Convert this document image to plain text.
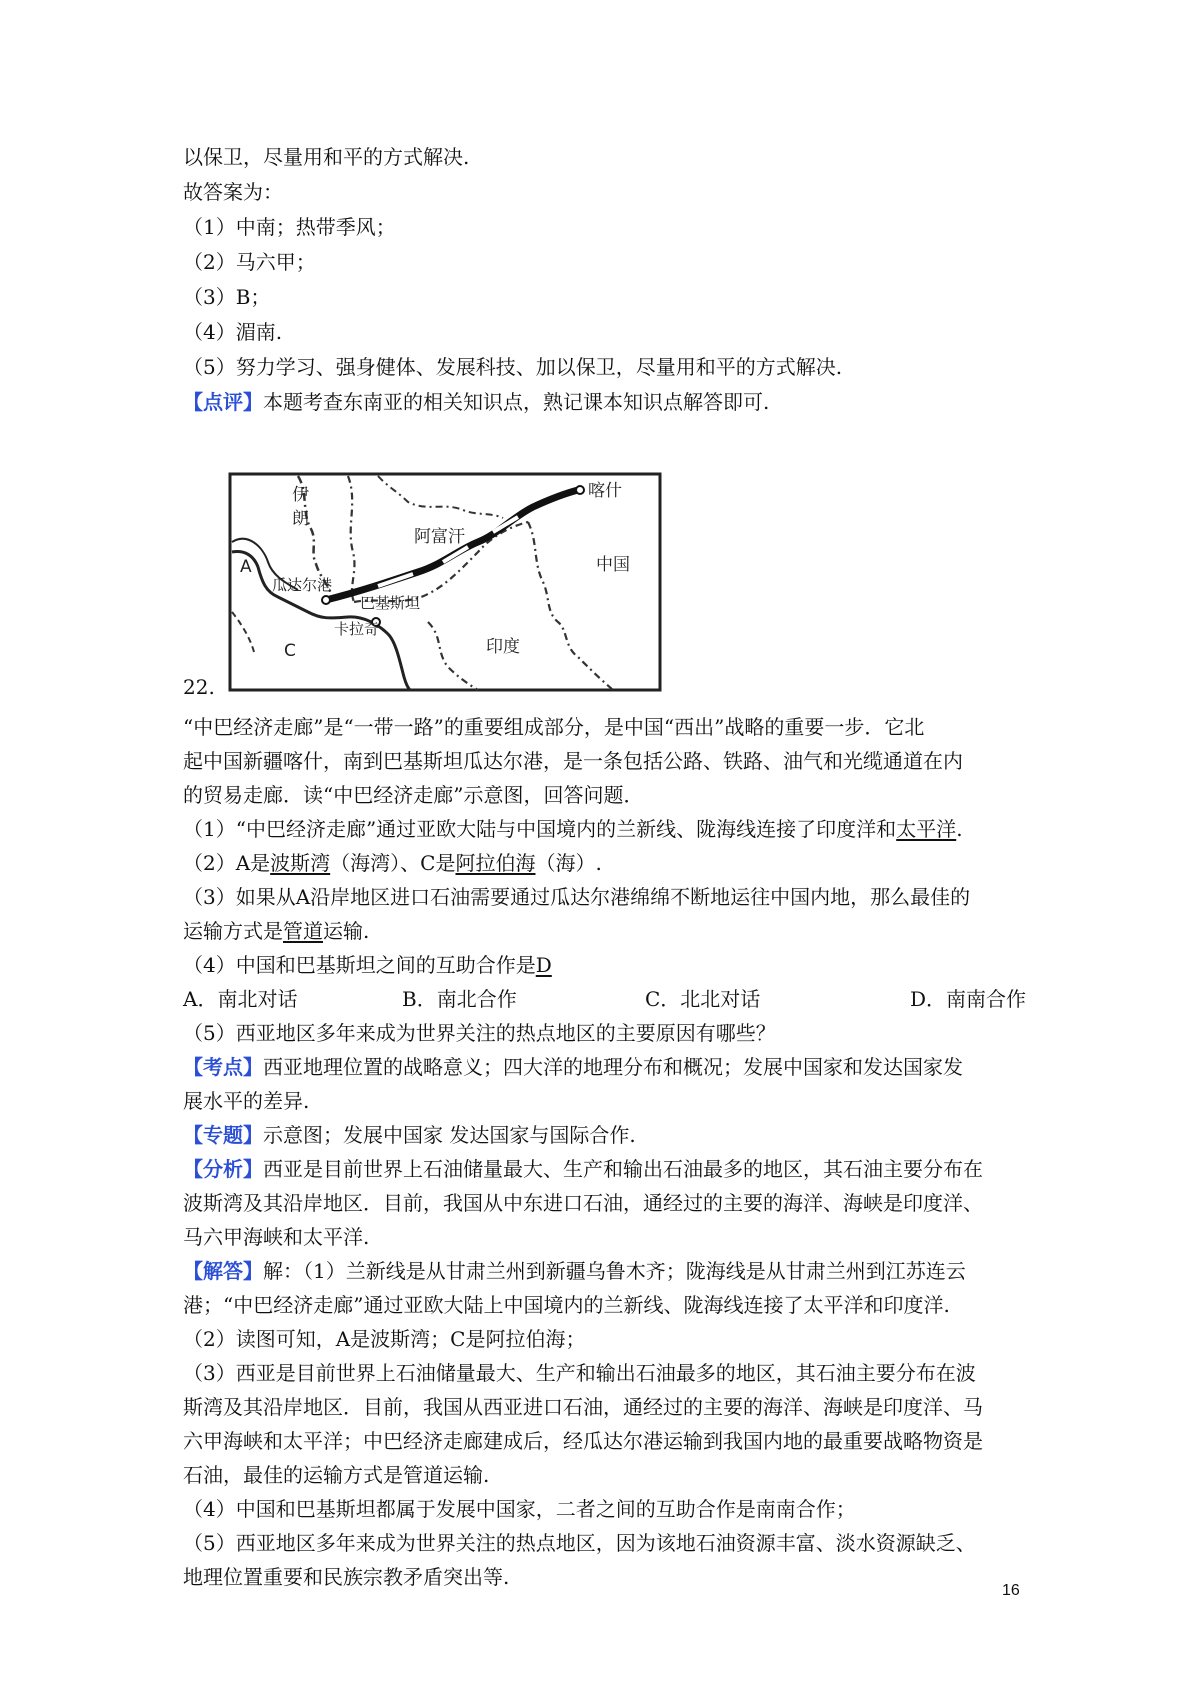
以保卫，尽量用和平的方式解决.
故答案为：
（1）中南；热带季风；
（2）马六甲；
（3）B；
（4）湄南.
（5）努力学习、强身健体、发展科技、加以保卫，尽量用和平的方式解决.
【点评】本题考查东南亚的相关知识点，熟记课本知识点解答即可.
伊
朗
阿富汗
喀什
中国
瓜达尔港
巴基斯坦
卡拉奇
印度
A
C
22.
“中巴经济走廊”是“一带一路”的重要组成部分，是中国“西出”战略的重要一步．它北
起中国新疆喀什，南到巴基斯坦瓜达尔港，是一条包括公路、铁路、油气和光缆通道在内
的贸易走廊．读“中巴经济走廊”示意图，回答问题．
（1）“中巴经济走廊”通过亚欧大陆与中国境内的兰新线、陇海线连接了印度洋和太平洋.
（2）A是波斯湾（海湾）、C是阿拉伯海（海）.
（3）如果从A沿岸地区进口石油需要通过瓜达尔港绵绵不断地运往中国内地，那么最佳的
运输方式是管道运输.
（4）中国和巴基斯坦之间的互助合作是D
A．南北对话	B．南北合作	C．北北对话	D．南南合作
（5）西亚地区多年来成为世界关注的热点地区的主要原因有哪些？
【考点】西亚地理位置的战略意义；四大洋的地理分布和概况；发展中国家和发达国家发
展水平的差异.
【专题】示意图；发展中国家 发达国家与国际合作.
【分析】西亚是目前世界上石油储量最大、生产和输出石油最多的地区，其石油主要分布在
波斯湾及其沿岸地区．目前，我国从中东进口石油，通经过的主要的海洋、海峡是印度洋、
马六甲海峡和太平洋.
【解答】解：（1）兰新线是从甘肃兰州到新疆乌鲁木齐；陇海线是从甘肃兰州到江苏连云
港；“中巴经济走廊”通过亚欧大陆上中国境内的兰新线、陇海线连接了太平洋和印度洋.
（2）读图可知，A是波斯湾；C是阿拉伯海；
（3）西亚是目前世界上石油储量最大、生产和输出石油最多的地区，其石油主要分布在波
斯湾及其沿岸地区．目前，我国从西亚进口石油，通经过的主要的海洋、海峡是印度洋、马
六甲海峡和太平洋；中巴经济走廊建成后，经瓜达尔港运输到我国内地的最重要战略物资是
石油，最佳的运输方式是管道运输.
（4）中国和巴基斯坦都属于发展中国家，二者之间的互助合作是南南合作；
（5）西亚地区多年来成为世界关注的热点地区，因为该地石油资源丰富、淡水资源缺乏、
地理位置重要和民族宗教矛盾突出等.
16
